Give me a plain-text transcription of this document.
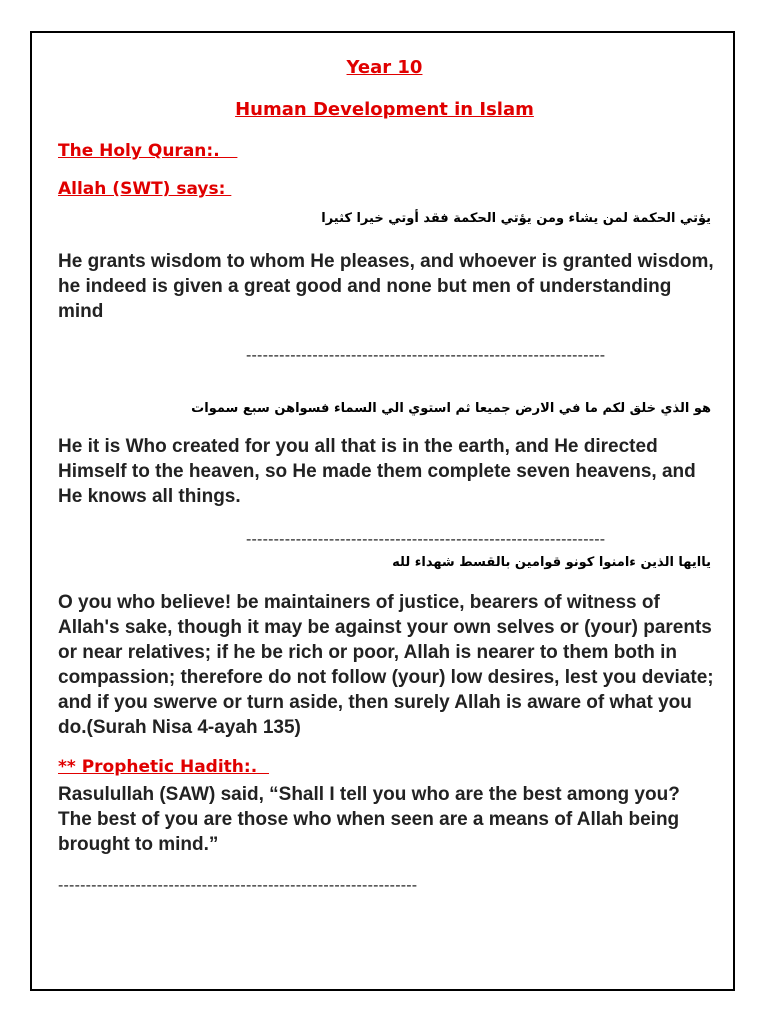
Year 10

Human Development in Islam

The Holy Quran:.

Allah (SWT) says:

يؤتي الحكمة لمن يشاء ومن يؤتي الحكمة فقد أوتي خيرا كثيرا

He grants wisdom to whom He pleases, and whoever is granted wisdom, he indeed is given a great good and none but men of understanding mind

-----------------------------------------------------------------

هو الذي خلق لكم ما في الارض جميعا ثم استوي الي السماء فسواهن سبع سموات

He it is Who created for you all that is in the earth, and He directed Himself to the heaven, so He made them complete seven heavens, and He knows all things.

-----------------------------------------------------------------

ياايها الذين ءامنوا كونو قوامين بالقسط شهداء لله

O you who believe! be maintainers of justice, bearers of witness of Allah's sake, though it may be against your own selves or (your) parents or near relatives; if he be rich or poor, Allah is nearer to them both in compassion; therefore do not follow (your) low desires, lest you deviate; and if you swerve or turn aside, then surely Allah is aware of what you do.(Surah Nisa 4-ayah 135)

** Prophetic Hadith:.

Rasulullah (SAW) said, “Shall I tell you who are the best among you? The best of you are those who when seen are a means of Allah being brought to mind.”

-----------------------------------------------------------------
